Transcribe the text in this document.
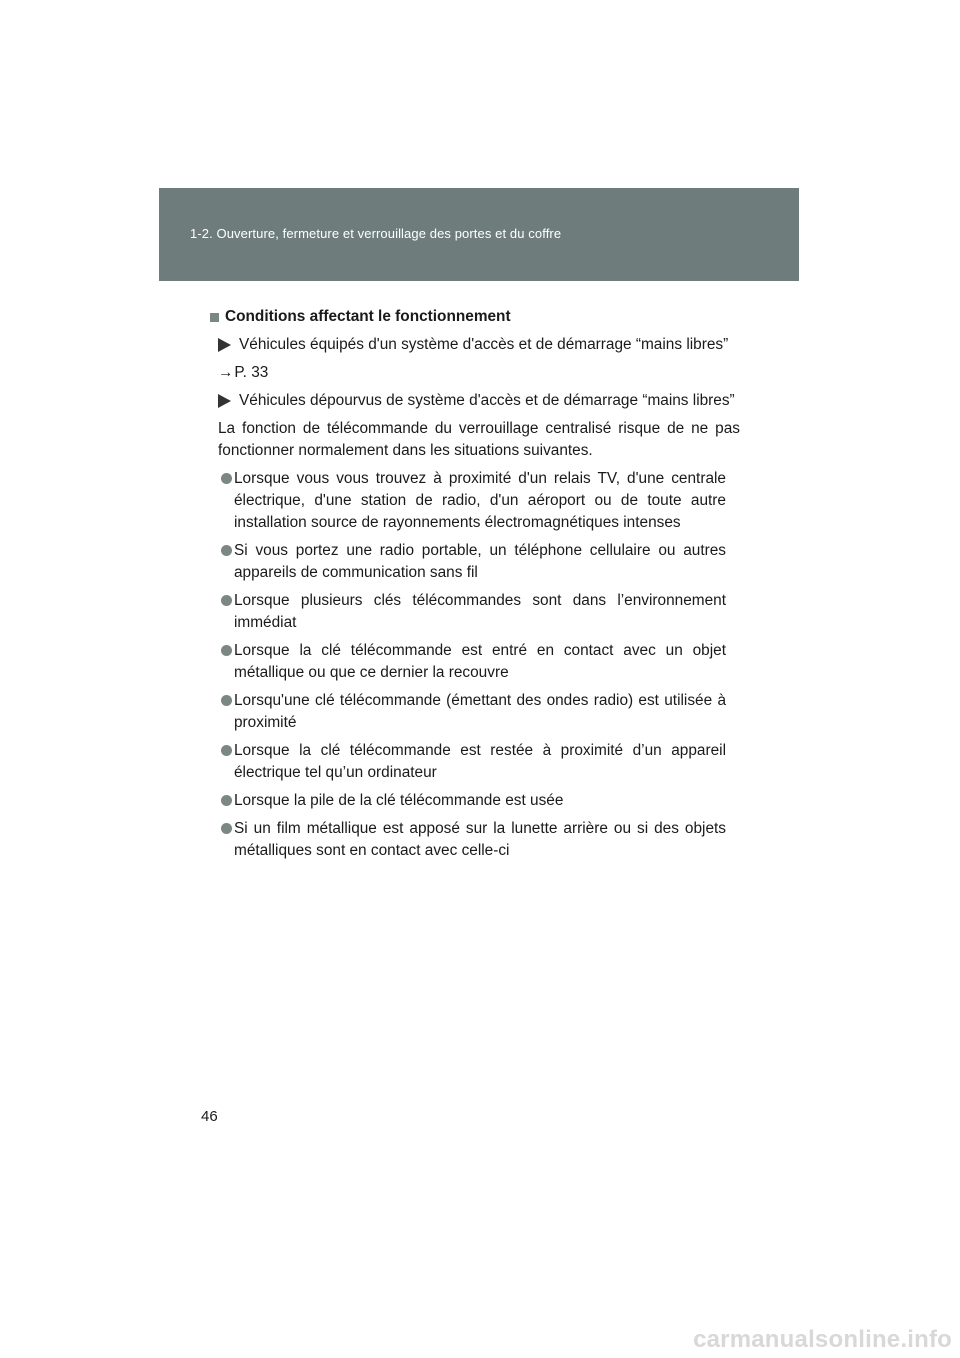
1-2. Ouverture, fermeture et verrouillage des portes et du coffre
Conditions affectant le fonctionnement
Véhicules équipés d'un système d'accès et de démarrage “mains libres”
→P. 33
Véhicules dépourvus de système d'accès et de démarrage “mains libres”
La fonction de télécommande du verrouillage centralisé risque de ne pas fonctionner normalement dans les situations suivantes.
Lorsque vous vous trouvez à proximité d'un relais TV, d'une centrale électrique, d'une station de radio, d'un aéroport ou de toute autre installation source de rayonnements électromagnétiques intenses
Si vous portez une radio portable, un téléphone cellulaire ou autres appareils de communication sans fil
Lorsque plusieurs clés télécommandes sont dans l’environnement immédiat
Lorsque la clé télécommande est entré en contact avec un objet métallique ou que ce dernier la recouvre
Lorsqu'une clé télécommande (émettant des ondes radio) est utilisée à proximité
Lorsque la clé télécommande est restée à proximité d’un appareil électrique tel qu’un ordinateur
Lorsque la pile de la clé télécommande est usée
Si un film métallique est apposé sur la lunette arrière ou si des objets métalliques sont en contact avec celle-ci
46
carmanualsonline.info
